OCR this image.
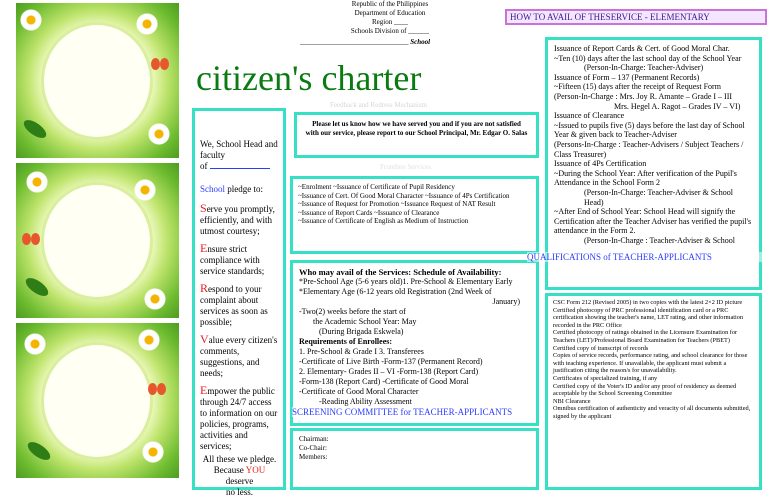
Republic of the Philippines
Department of Education
Region ____
Schools Division of ______
_______________________________ School
citizen's charter
Feedback and Redress Mechanism
Frontline Services
HOW TO AVAIL OF THESERVICE - ELEMENTARY
We, School Head and
faculty
of
School pledge to:
Serve you promptly, efficiently, and with utmost courtesy;
Ensure strict compliance with service standards;
Respond to your complaint about services as soon as possible;
Value every citizen's comments, suggestions, and needs;
Empower the public through 24/7 access to information on our policies, programs, activities and services;
All these we pledge.
Because YOU deserve
no less.
Please let us know how we have served you and if you are not satisfied with our service, please report to our School Principal, Mr. Edgar O. Salas
~Enrolment ~Issuance of Certificate of Pupil Residency
~Issuance of Cert. Of Good Moral Character ~Issuance of 4Ps Certification
~Issuance of Request for Promotion ~Issuance Request of NAT Result
~Issuance of Report Cards ~Issuance of Clearance
~Issuance of Certificate of English as Medium of Instruction
Who may avail of the Services: Schedule of Availability:
*Pre-School Age (5-6 years old)1. Pre-School & Elementary Early
*Elementary Age (6-12 years old Registration (2nd Week of
January)
-Two(2) weeks before the start of
the Academic School Year: May
(During Brigada Eskwela)
Requirements of Enrollees:
1. Pre-School & Grade I 3. Transferees
-Certificate of Live Birth -Form-137 (Permanent Record)
2. Elementary- Grades II – VI -Form-138 (Report Card)
-Form-138 (Report Card) -Certificate of Good Moral
-Certificate of Good Moral Character
-Reading Ability Assessment
SCREENING COMMITTEE for TEACHER-APPLICANTS
Chairman:
Co-Chair:
Members:
Issuance of Report Cards & Cert. of Good Moral Char.
~Ten (10) days after the last school day of the School Year
(Person-In-Charge: Teacher-Adviser)
Issuance of Form – 137 (Permanent Records)
~Fifteen (15) days after the receipt of Request Form
(Person-In-Charge : Mrs. Joy R. Amante – Grade I – III
Mrs. Hegel A. Ragot – Grades IV – VI)
Issuance of Clearance
~Issued to pupils five (5) days before the last day of School Year & given back to Teacher-Adviser
(Persons-In-Charge : Teacher-Advisers / Subject Teachers / Class Treasurer)
Issuance of 4Ps Certification
~During the School Year: After verification of the Pupil's Attendance in the School Form 2
(Person-In-Charge: Teacher-Adviser & School Head)
~After End of School Year: School Head will signify the Certification after the Teacher Adviser has verified the pupil's attendance in the Form 2.
(Person-In-Charge : Teacher-Adviser & School
QUALIFICATIONS of TEACHER-APPLICANTS
CSC Form 212 (Revised 2005) in two copies with the latest 2×2 ID picture
Certified photocopy of PRC professional identification card or a PRC certification showing the teacher's name, LET rating, and other information recorded in the PRC Office
Certified photocopy of ratings obtained in the Licensure Examination for Teachers (LET)/Professional Board Examination for Teachers (PBET)
Certified copy of transcript of records
Copies of service records, performance rating, and school clearance for those with teaching experience. If unavailable, the applicant must submit a justification citing the reason/s for unavailability.
Certificates of specialized training, if any
Certified copy of the Voter's ID and/or any proof of residency as deemed acceptable by the School Screening Committee
NBI Clearance
Omnibus certification of authenticity and veracity of all documents submitted, signed by the applicant
